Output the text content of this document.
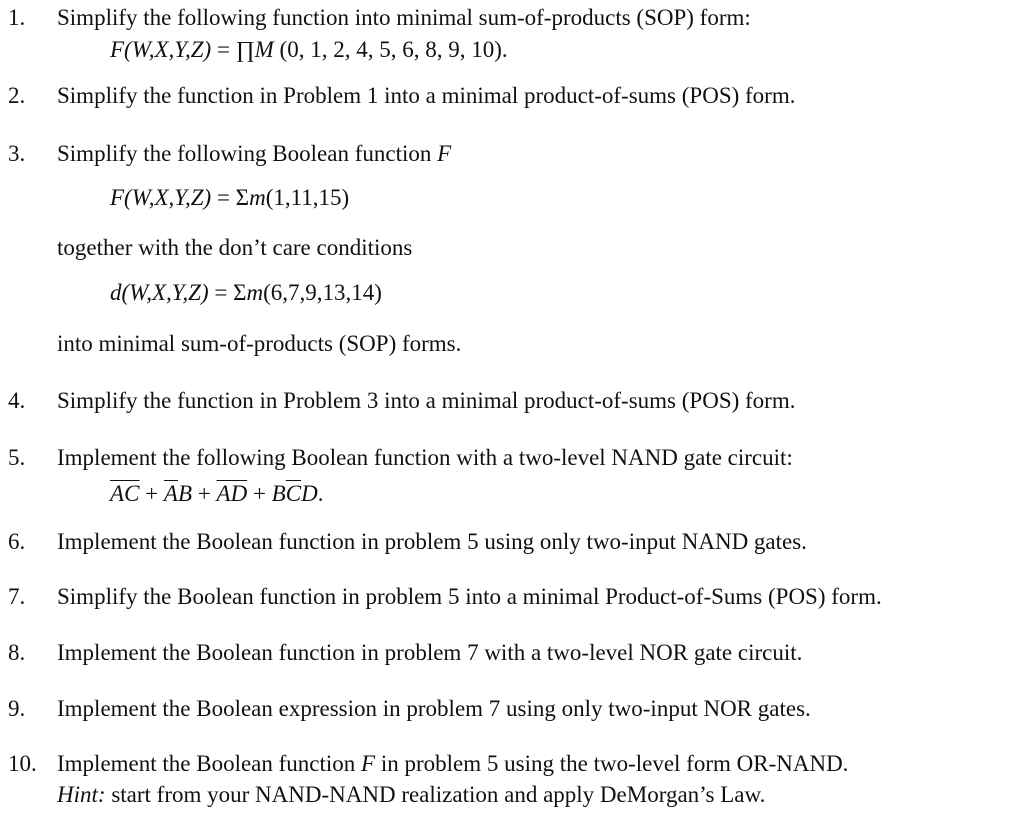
1. Simplify the following function into minimal sum-of-products (SOP) form:
F(W,X,Y,Z) = ∏M (0, 1, 2, 4, 5, 6, 8, 9, 10).
2. Simplify the function in Problem 1 into a minimal product-of-sums (POS) form.
3. Simplify the following Boolean function F
F(W,X,Y,Z) = Σm(1,11,15)
together with the don’t care conditions
d(W,X,Y,Z) = Σm(6,7,9,13,14)
into minimal sum-of-products (SOP) forms.
4. Simplify the function in Problem 3 into a minimal product-of-sums (POS) form.
5. Implement the following Boolean function with a two-level NAND gate circuit:
$\overline{A}\overline{C} + \overline{A}B + \overline{A}\overline{D} + B\overline{C}D$.
6. Implement the Boolean function in problem 5 using only two-input NAND gates.
7. Simplify the Boolean function in problem 5 into a minimal Product-of-Sums (POS) form.
8. Implement the Boolean function in problem 7 with a two-level NOR gate circuit.
9. Implement the Boolean expression in problem 7 using only two-input NOR gates.
10. Implement the Boolean function F in problem 5 using the two-level form OR-NAND.
Hint: start from your NAND-NAND realization and apply DeMorgan’s Law.
